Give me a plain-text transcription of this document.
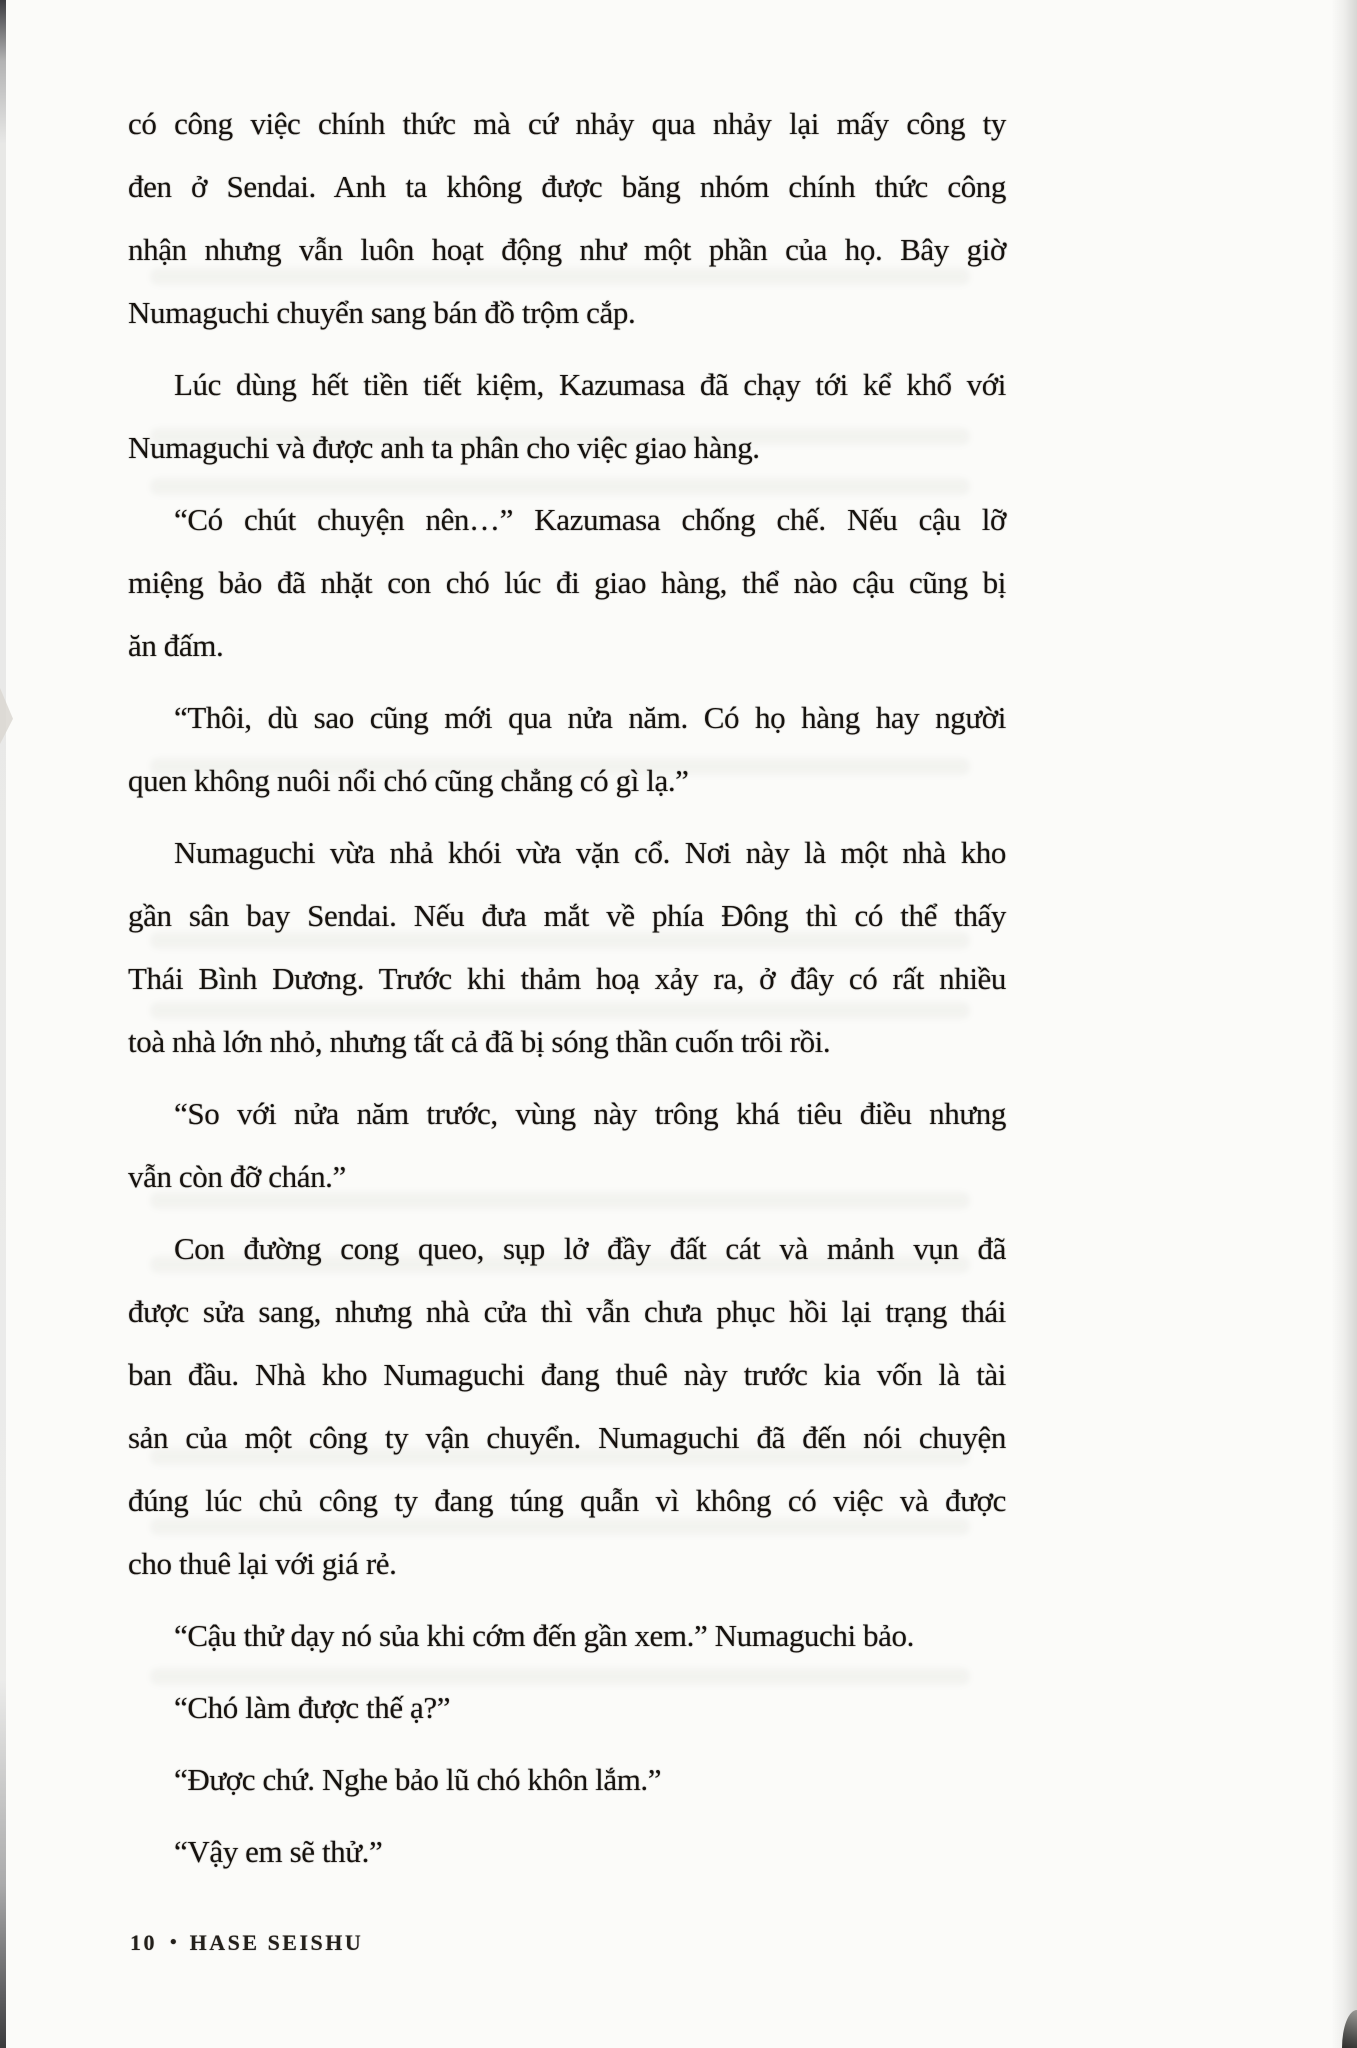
có công việc chính thức mà cứ nhảy qua nhảy lại mấy công ty
đen ở Sendai. Anh ta không được băng nhóm chính thức công
nhận nhưng vẫn luôn hoạt động như một phần của họ. Bây giờ
Numaguchi chuyển sang bán đồ trộm cắp.
Lúc dùng hết tiền tiết kiệm, Kazumasa đã chạy tới kể khổ với
Numaguchi và được anh ta phân cho việc giao hàng.
“Có chút chuyện nên…” Kazumasa chống chế. Nếu cậu lỡ
miệng bảo đã nhặt con chó lúc đi giao hàng, thể nào cậu cũng bị
ăn đấm.
“Thôi, dù sao cũng mới qua nửa năm. Có họ hàng hay người
quen không nuôi nổi chó cũng chẳng có gì lạ.”
Numaguchi vừa nhả khói vừa vặn cổ. Nơi này là một nhà kho
gần sân bay Sendai. Nếu đưa mắt về phía Đông thì có thể thấy
Thái Bình Dương. Trước khi thảm hoạ xảy ra, ở đây có rất nhiều
toà nhà lớn nhỏ, nhưng tất cả đã bị sóng thần cuốn trôi rồi.
“So với nửa năm trước, vùng này trông khá tiêu điều nhưng
vẫn còn đỡ chán.”
Con đường cong queo, sụp lở đầy đất cát và mảnh vụn đã
được sửa sang, nhưng nhà cửa thì vẫn chưa phục hồi lại trạng thái
ban đầu. Nhà kho Numaguchi đang thuê này trước kia vốn là tài
sản của một công ty vận chuyển. Numaguchi đã đến nói chuyện
đúng lúc chủ công ty đang túng quẫn vì không có việc và được
cho thuê lại với giá rẻ.
“Cậu thử dạy nó sủa khi cớm đến gần xem.” Numaguchi bảo.
“Chó làm được thế ạ?”
“Được chứ. Nghe bảo lũ chó khôn lắm.”
“Vậy em sẽ thử.”
10 • HASE SEISHU
